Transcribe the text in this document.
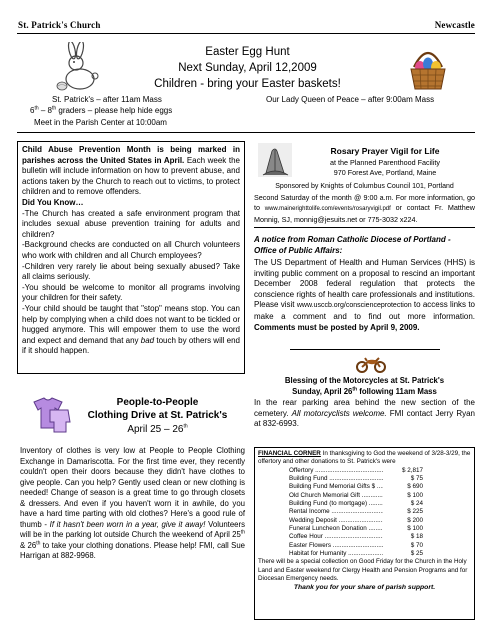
St. Patrick's Church	Newcastle
Easter Egg Hunt
Next Sunday, April 12,2009
Children - bring your Easter baskets!
St. Patrick's – after 11am Mass
6th – 8th graders – please help hide eggs
Meet in the Parish Center at 10:00am
Our Lady Queen of Peace – after 9:00am Mass
Child Abuse Prevention Month is being marked in parishes across the United States in April. Each week the bulletin will include information on how to prevent abuse, and actions taken by the Church to reach out to victims, to protect children and to remove offenders.
Did You Know…
-The Church has created a safe environment program that includes sexual abuse prevention training for adults and children?
-Background checks are conducted on all Church volunteers who work with children and all Church employees?
-Children very rarely lie about being sexually abused? Take all claims seriously.
-You should be welcome to monitor all programs involving your children for their safety.
-Your child should be taught that "stop" means stop. You can help by complying when a child does not want to be tickled or hugged anymore. This will empower them to use the word and expect and demand that any bad touch by others will end if it should happen.
Rosary Prayer Vigil for Life
at the Planned Parenthood Facility
970 Forest Ave, Portland, Maine
Sponsored by Knights of Columbus Council 101, Portland
Second Saturday of the month @ 9:00 a.m. For more information, go to www.mainerighttolife.com/events/rosaryvigil.pdf or contact Fr. Matthew Monnig, SJ, monnig@jesuits.net or 775-3032 x224.
A notice from Roman Catholic Diocese of Portland - Office of Public Affairs:
The US Department of Health and Human Services (HHS) is inviting public comment on a proposal to rescind an important December 2008 federal regulation that protects the conscience rights of health care professionals and institutions. Please visit www.usccb.org/conscienceprotection to access links to make a comment and to find out more information. Comments must be posted by April 9, 2009.
Blessing of the Motorcycles at St. Patrick's
Sunday, April 26th following 11am Mass
In the rear parking area behind the new section of the cemetery. All motorcyclists welcome. FMI contact Jerry Ryan at 832-6993.
People-to-People
Clothing Drive at St. Patrick's
April 25 – 26th
Inventory of clothes is very low at People to People Clothing Exchange in Damariscotta. For the first time ever, they recently couldn't open their doors because they didn't have clothes to give people. Can you help? Gently used clean or new clothing is needed! Change of season is a great time to go through closets & dressers. And even if you haven't worn it in awhile, do you have a hard time parting with old clothes? Here's a good rule of thumb - If it hasn't been worn in a year, give it away! Volunteers will be in the parking lot outside Church the weekend of April 25th & 26th to take your clothing donations. Please help! FMI, call Sue Harrigan at 882-9968.
FINANCIAL CORNER In thanksgiving to God the weekend of 3/28-3/29, the offertory and other donations to St. Patrick's were
Offertory .....	$ 2,817
Building Fund .....	$ 75
Building Fund Memorial Gifts $ .....	$ 690
Old Church Memorial Gift .....	$ 100
Building Fund (to mortgage) .....	$ 24
Rental Income .....	$ 225
Wedding Deposit .....	$ 200
Funeral Luncheon Donation .....	$ 100
Coffee Hour .....	$ 18
Easter Flowers .....	$ 70
Habitat for Humanity .....	$ 25
There will be a special collection on Good Friday for the Church in the Holy Land and Easter weekend for Clergy Health and Pension Programs and for Diocesan Emergency needs.
Thank you for your share of parish support.
